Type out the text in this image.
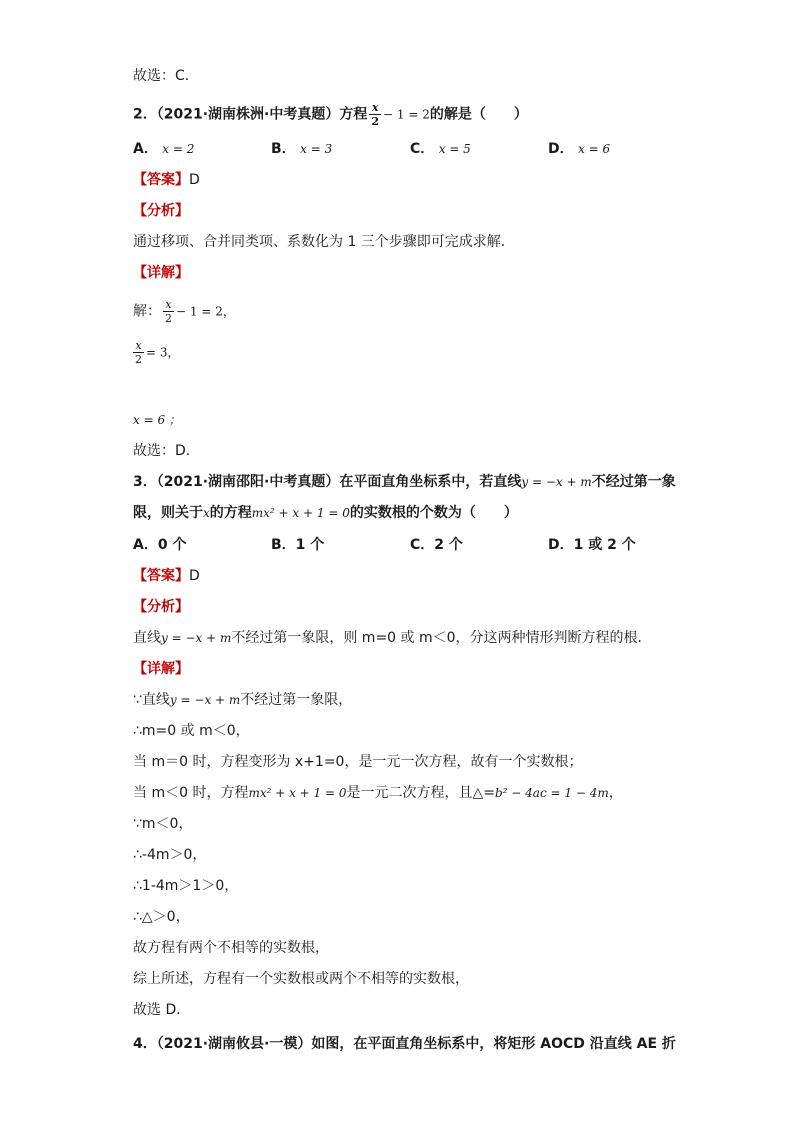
故选：C．
2．（2021·湖南株洲·中考真题）方程 $\frac{x}{2} - 1 = 2$的解是（　　）
A． x = 2	B． x = 3	C． x = 5	D． x = 6
【答案】D
【分析】
通过移项、合并同类项、系数化为 1 三个步骤即可完成求解．
【详解】
解： $\frac{x}{2} - 1 = 2$，
$\frac{x}{2} = 3$，
x = 6 ；
故选：D．
3．（2021·湖南邵阳·中考真题）在平面直角坐标系中，若直线y = −x + m不经过第一象
限，则关于x的方程mx² + x + 1 = 0的实数根的个数为（　　）
A．0 个	B．1 个	C．2 个	D．1 或 2 个
【答案】D
【分析】
直线y = −x + m不经过第一象限，则 m=0 或 m＜0，分这两种情形判断方程的根．
【详解】
∵直线y = −x + m不经过第一象限，
∴m=0 或 m＜0，
当 m＝0 时，方程变形为 x+1=0，是一元一次方程，故有一个实数根；
当 m＜0 时，方程mx² + x + 1 = 0是一元二次方程，且△=b² − 4ac = 1 − 4m，
∵m＜0，
∴-4m＞0，
∴1-4m＞1＞0，
∴△＞0，
故方程有两个不相等的实数根，
综上所述，方程有一个实数根或两个不相等的实数根，
故选 D．
4．（2021·湖南攸县·一模）如图，在平面直角坐标系中，将矩形 AOCD 沿直线 AE 折
